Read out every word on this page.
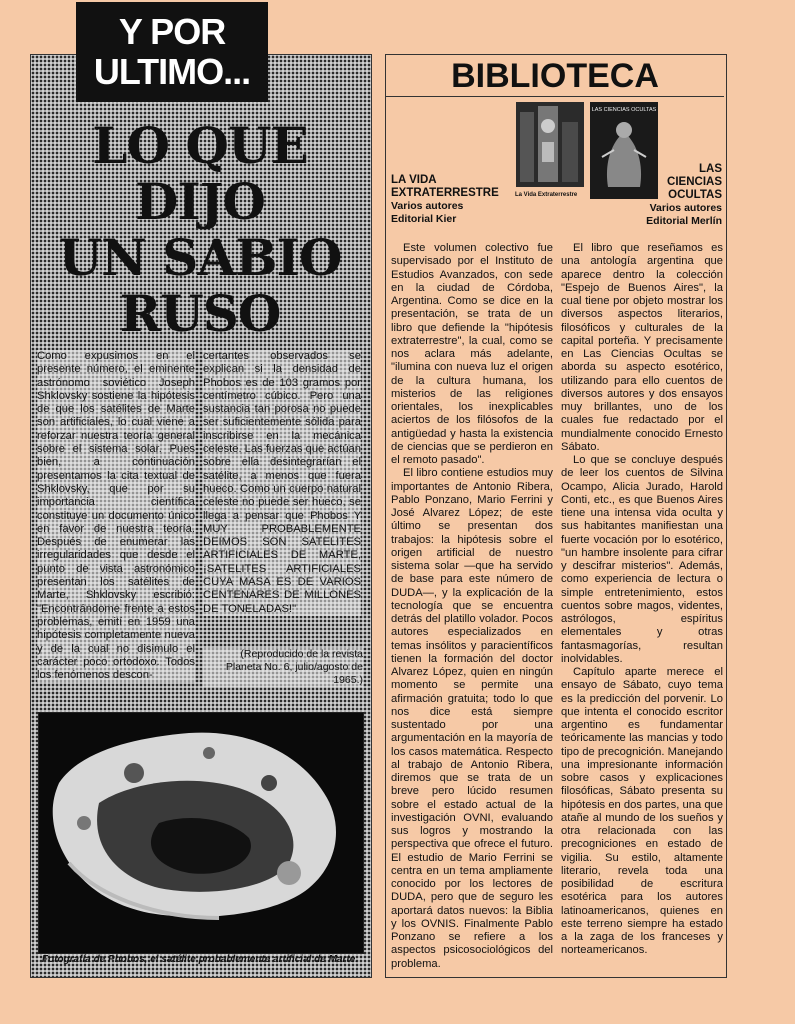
Y POR
ULTIMO...
LO QUE
DIJO
UN SABIO
RUSO
Como expusimos en el presente número, el eminente astrónomo soviético Joseph Shklovsky sostiene la hipótesis de que los satélites de Marte son artificiales, lo cual viene a reforzar nuestra teoría general sobre el sistema solar. Pues bien, a continuación presentamos la cita textual de Shklovsky, que por su importancia científica constituye un documento único en favor de nuestra teoría. Después de enumerar las irregularidades que desde el punto de vista astronómico presentan los satélites de Marte, Shklovsky escribió: "Encontrándome frente a estos problemas, emití en 1959 una hipótesis completamente nueva y de la cual no disimulo el carácter poco ortodoxo. Todos los fenómenos descon-
certantes observados se explican si la densidad de Phobos es de 103 gramos por centímetro cúbico. Pero una sustancia tan porosa no puede ser suficientemente sólida para inscribirse en la mecánica celeste. Las fuerzas que actúan sobre ella desintegrarían el satélite, a menos que fuera hueco. Como un cuerpo natural celeste no puede ser hueco, se llega a pensar que Phobos Y MUY PROBABLEMENTE DEIMOS SON SATELITES ARTIFICIALES DE MARTE, ¡SATELITES ARTIFICIALES CUYA MASA ES DE VARIOS CENTENARES DE MILLONES DE TONELADAS!"
(Reproducido de la revista Planeta No. 6, julio/agosto de 1965.)
Fotografía de Phobos, el satélite probablemente artificial de Marte.
BIBLIOTECA
La Vida Extraterrestre
LAS CIENCIAS OCULTAS
LA VIDA
EXTRATERRESTRE
Varios autores
Editorial Kier
LAS
CIENCIAS
OCULTAS
Varios autores
Editorial Merlín

Este volumen colectivo fue supervisado por el Instituto de Estudios Avanzados, con sede en la ciudad de Córdoba, Argentina. Como se dice en la presentación, se trata de un libro que defiende la "hipótesis extraterrestre", la cual, como se nos aclara más adelante, "ilumina con nueva luz el origen de la cultura humana, los misterios de las religiones orientales, los inexplicables aciertos de los filósofos de la antigüedad y hasta la existencia de ciencias que se perdieron en el remoto pasado".

El libro contiene estudios muy importantes de Antonio Ribera, Pablo Ponzano, Mario Ferrini y José Alvarez López; de este último se presentan dos trabajos: la hipótesis sobre el origen artificial de nuestro sistema solar —que ha servido de base para este número de DUDA—, y la explicación de la tecnología que se encuentra detrás del platillo volador. Pocos autores especializados en temas insólitos y paracientíficos tienen la formación del doctor Alvarez López, quien en ningún momento se permite una afirmación gratuita; todo lo que nos dice está siempre sustentado por una argumentación en la mayoría de los casos matemática. Respecto al trabajo de Antonio Ribera, diremos que se trata de un breve pero lúcido resumen sobre el estado actual de la investigación OVNI, evaluando sus logros y mostrando la perspectiva que ofrece el futuro. El estudio de Mario Ferrini se centra en un tema ampliamente conocido por los lectores de DUDA, pero que de seguro les aportará datos nuevos: la Biblia y los OVNIS. Finalmente Pablo Ponzano se refiere a los aspectos psicosociológicos del problema.

El libro que reseñamos es una antología argentina que aparece dentro la colección "Espejo de Buenos Aires", la cual tiene por objeto mostrar los diversos aspectos literarios, filosóficos y culturales de la capital porteña. Y precisamente en Las Ciencias Ocultas se aborda su aspecto esotérico, utilizando para ello cuentos de diversos autores y dos ensayos muy brillantes, uno de los cuales fue redactado por el mundialmente conocido Ernesto Sábato.

Lo que se concluye después de leer los cuentos de Silvina Ocampo, Alicia Jurado, Harold Conti, etc., es que Buenos Aires tiene una intensa vida oculta y sus habitantes manifiestan una fuerte vocación por lo esotérico, "un hambre insolente para cifrar y descifrar misterios". Además, como experiencia de lectura o simple entretenimiento, estos cuentos sobre magos, videntes, astrólogos, espíritus elementales y otras fantasmagorías, resultan inolvidables.

Capítulo aparte merece el ensayo de Sábato, cuyo tema es la predicción del porvenir. Lo que intenta el conocido escritor argentino es fundamentar teóricamente las mancias y todo tipo de precognición. Manejando una impresionante información sobre casos y explicaciones filosóficas, Sábato presenta su hipótesis en dos partes, una que atañe al mundo de los sueños y otra relacionada con las precogniciones en estado de vigilia. Su estilo, altamente literario, revela toda una posibilidad de escritura esotérica para los autores latinoamericanos, quienes en este terreno siempre ha estado a la zaga de los franceses y norteamericanos.
